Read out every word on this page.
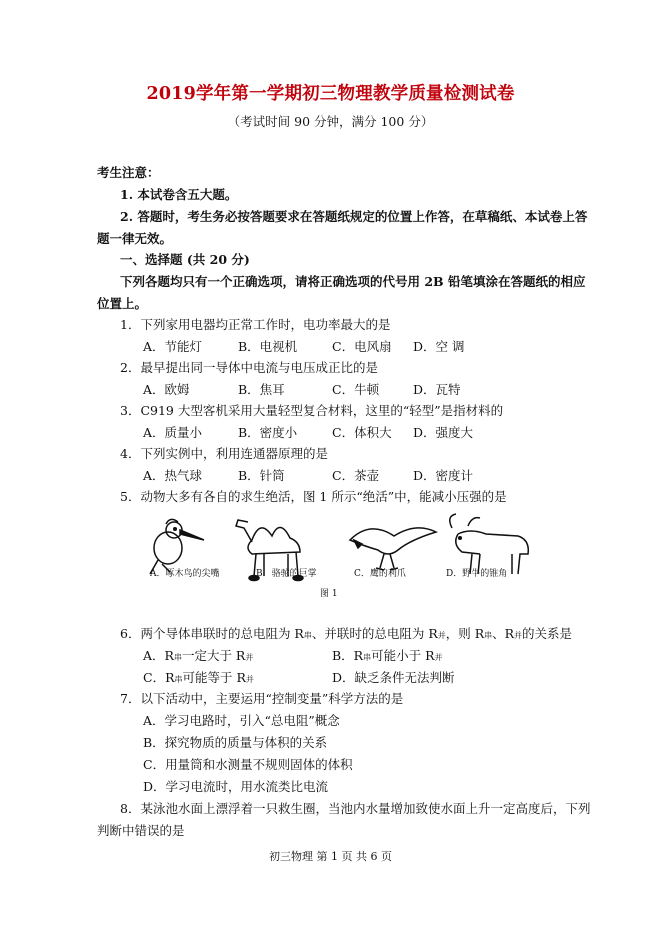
2019学年第一学期初三物理教学质量检测试卷
（考试时间 90 分钟，满分 100 分）
考生注意：
1. 本试卷含五大题。
2. 答题时，考生务必按答题要求在答题纸规定的位置上作答，在草稿纸、本试卷上答
题一律无效。
一、选择题 (共 20 分)
下列各题均只有一个正确选项，请将正确选项的代号用 2B 铅笔填涂在答题纸的相应
位置上。
1．下列家用电器均正常工作时，电功率最大的是
A．节能灯	B．电视机	C．电风扇 D．空 调
2．最早提出同一导体中电流与电压成正比的是
A．欧姆	B．焦耳	C．牛顿	D．瓦特
3．C919 大型客机采用大量轻型复合材料，这里的“轻型”是指材料的
A．质量小	B．密度小	C．体积大 D．强度大
4．下列实例中，利用连通器原理的是
A．热气球	B．针筒	C．茶壶	D．密度计
5．动物大多有各自的求生绝活，图 1 所示“绝活”中，能减小压强的是
A．啄木鸟的尖嘴	B．骆驼的巨掌	C．鹰的利爪	D．野牛的锥角
图 1
6．两个导体串联时的总电阻为 R串、并联时的总电阻为 R并，则 R串、R并的关系是
A．R串一定大于 R并	B．R串可能小于 R并
C．R串可能等于 R并	D．缺乏条件无法判断
7．以下活动中，主要运用“控制变量”科学方法的是
A．学习电路时，引入“总电阻”概念
B．探究物质的质量与体积的关系
C．用量筒和水测量不规则固体的体积
D．学习电流时，用水流类比电流
8．某泳池水面上漂浮着一只救生圈，当池内水量增加致使水面上升一定高度后，下列
判断中错误的是
初三物理 第 1 页 共 6 页
